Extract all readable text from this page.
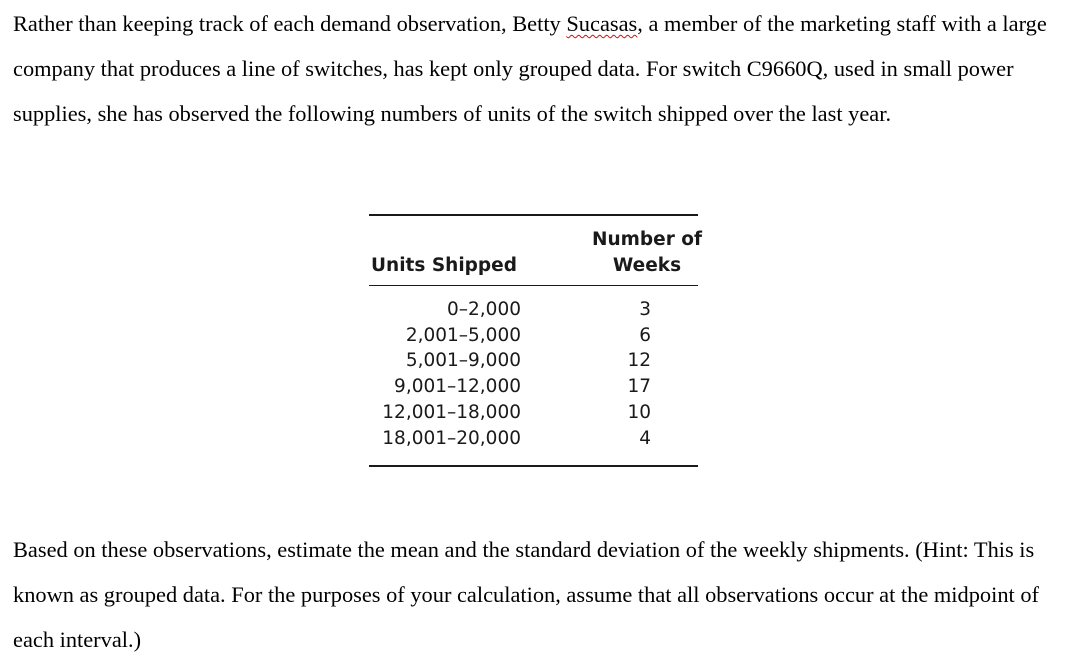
Rather than keeping track of each demand observation, Betty Sucasas, a member of the marketing staff with a large company that produces a line of switches, has kept only grouped data. For switch C9660Q, used in small power supplies, she has observed the following numbers of units of the switch shipped over the last year.

Number of
Weeks
Units Shipped
0–2,000
2,001–5,000
5,001–9,000
9,001–12,000
12,001–18,000
18,001–20,000
3
6
12
17
10
4

Based on these observations, estimate the mean and the standard deviation of the weekly shipments. (Hint: This is known as grouped data. For the purposes of your calculation, assume that all observations occur at the midpoint of each interval.)
